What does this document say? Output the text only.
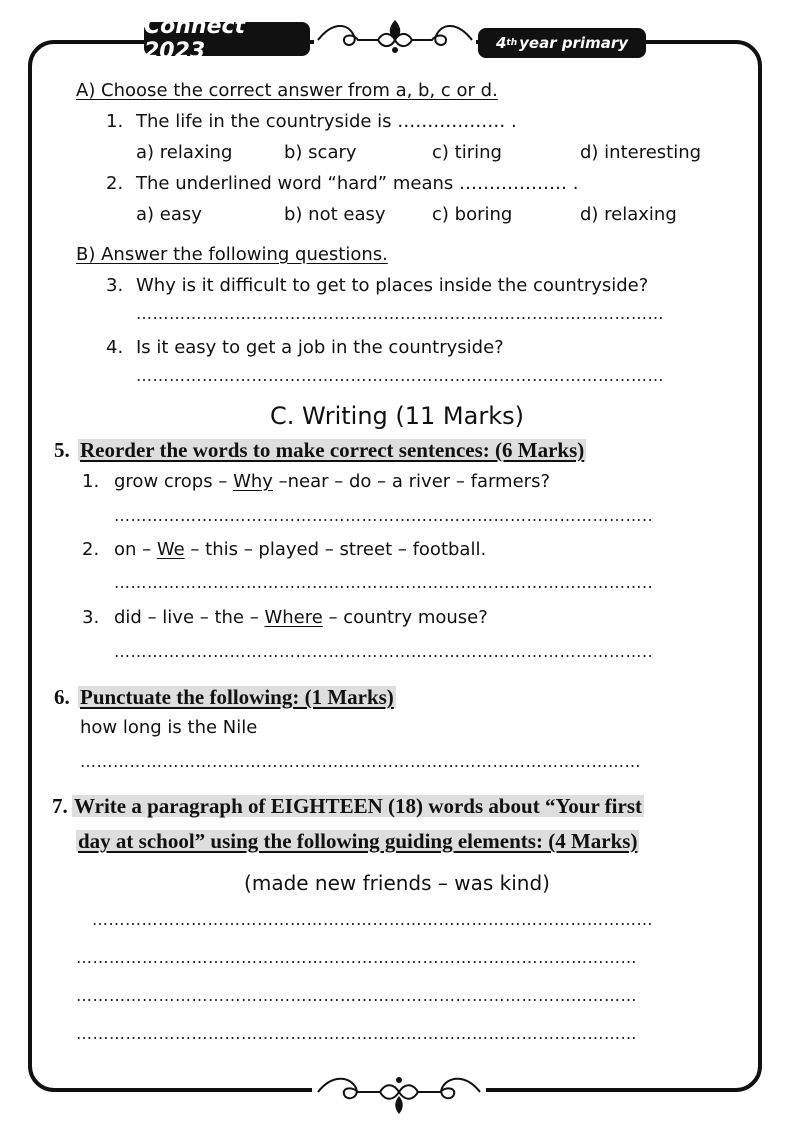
Connect 2023	4 th year primary
A) Choose the correct answer from a, b, c or d.
1. The life in the countryside is ……………… .
a) relaxing	b) scary	c) tiring	d) interesting
2. The underlined word “hard” means ……………… .
a) easy	b) not easy	c) boring	d) relaxing
B) Answer the following questions.
3. Why is it difficult to get to places inside the countryside?
……………………………………………………………………………………
4. Is it easy to get a job in the countryside?
……………………………………………………………………………………
C. Writing (11 Marks)
5. Reorder the words to make correct sentences: (6 Marks)
1. grow crops – Why –near – do – a river – farmers?
……………………………………………………………………………………..
2. on – We – this – played – street – football.
……………………………………………………………………………………..
3. did – live – the – Where – country mouse?
……………………………………………………………………………………..
6. Punctuate the following: (1 Marks)
how long is the Nile
…………………………………………………………………………………………
7. Write a paragraph of EIGHTEEN (18) words about “Your first
day at school” using the following guiding elements: (4 Marks)
(made new friends – was kind)
…………………………………………………………………………………………
…………………………………………………………………………………………
…………………………………………………………………………………………
…………………………………………………………………………………………
